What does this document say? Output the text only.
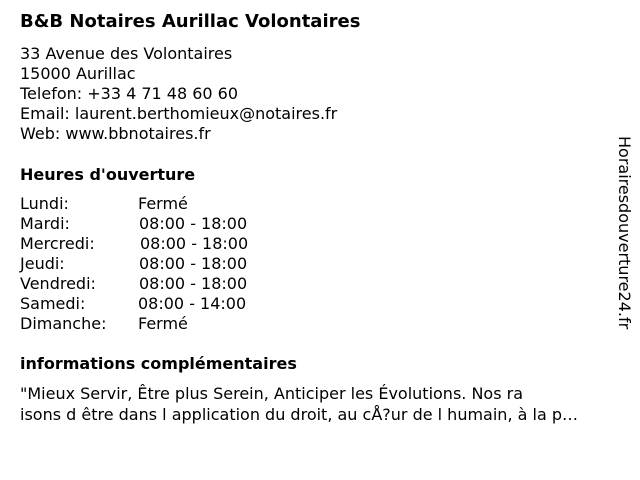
B&B Notaires Aurillac Volontaires
33 Avenue des Volontaires
15000 Aurillac
Telefon: +33 4 71 48 60 60
Email: laurent.berthomieux@notaires.fr
Web: www.bbnotaires.fr
Heures d'ouverture
Lundi:	Fermé
Mardi:	08:00 - 18:00
Mercredi:	08:00 - 18:00
Jeudi:	08:00 - 18:00
Vendredi:	08:00 - 18:00
Samedi:	08:00 - 14:00
Dimanche: Fermé
informations complémentaires
"Mieux Servir, Être plus Serein, Anticiper les Évolutions. Nos ra
isons d être dans l application du droit, au cÅ?ur de l humain, à la p…
Horairesdouverture24.fr
